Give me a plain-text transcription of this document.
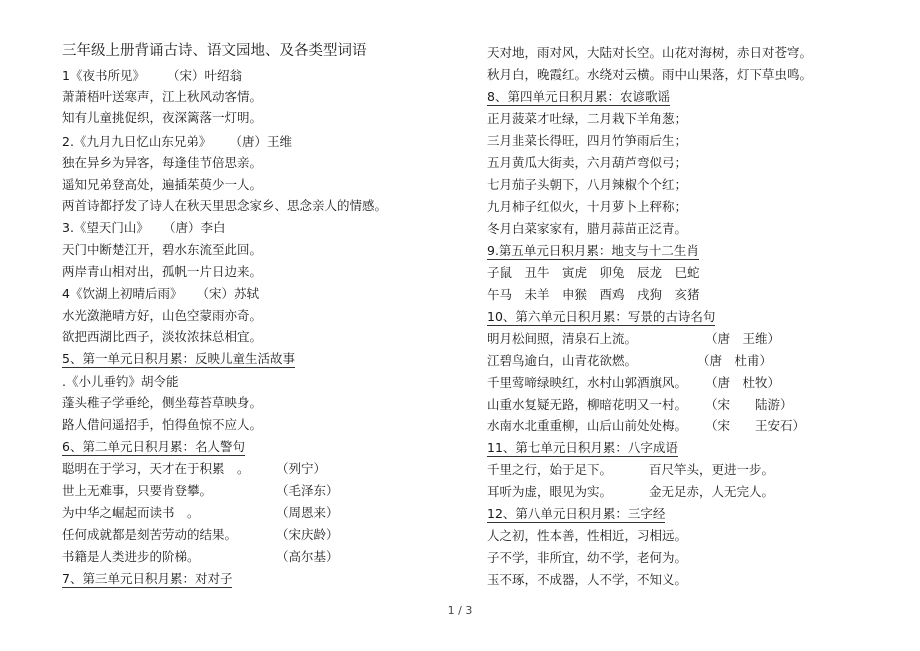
三年级上册背诵古诗、语文园地、及各类型词语
1《夜书所见》 （宋）叶绍翁
萧萧梧叶送寒声，江上秋风动客情。
知有儿童挑促织，夜深篱落一灯明。
2.《九月九日忆山东兄弟》 （唐）王维
独在异乡为异客，每逢佳节倍思亲。
遥知兄弟登高处，遍插茱萸少一人。
两首诗都抒发了诗人在秋天里思念家乡、思念亲人的情感。
3.《望天门山》 （唐）李白
天门中断楚江开，碧水东流至此回。
两岸青山相对出，孤帆一片日边来。
4《饮湖上初晴后雨》 （宋）苏轼
水光潋滟晴方好，山色空蒙雨亦奇。
欲把西湖比西子，淡妆浓抹总相宜。
5、第一单元日积月累：反映儿童生活故事
.《小儿垂钓》胡令能
蓬头稚子学垂纶，侧坐莓苔草映身。
路人借问遥招手，怕得鱼惊不应人。
6、第二单元日积月累：名人警句
聪明在于学习，天才在于积累　。 （列宁）
世上无难事，只要肯登攀。	（毛泽东）
为中华之崛起而读书　。	（周恩来）
任何成就都是刻苦劳动的结果。	（宋庆龄）
书籍是人类进步的阶梯。	（高尔基）
7、第三单元日积月累：对对子
天对地，雨对风，大陆对长空。山花对海树，赤日对苍穹。
秋月白，晚霞红。水绕对云横。雨中山果落，灯下草虫鸣。
8、第四单元日积月累：农谚歌谣
正月菠菜才吐绿，二月栽下羊角葱；
三月韭菜长得旺，四月竹笋雨后生；
五月黄瓜大街卖，六月葫芦弯似弓；
七月茄子头朝下，八月辣椒个个红；
九月柿子红似火，十月萝卜上秤称；
冬月白菜家家有，腊月蒜苗正泛青。
9.第五单元日积月累：地支与十二生肖
子鼠　丑牛　寅虎　卯兔　辰龙　巳蛇
午马　未羊　申猴　酉鸡　戌狗　亥猪
10、第六单元日积月累：写景的古诗名句
明月松间照，清泉石上流。	（唐　王维）
江碧鸟逾白，山青花欲燃。	（唐　杜甫）
千里莺啼绿映红，水村山郭酒旗风。 （唐　杜牧）
山重水复疑无路，柳暗花明又一村。 （宋　　陆游）
水南水北重重柳，山后山前处处梅。 （宋　　王安石）
11、第七单元日积月累：八字成语
千里之行，始于足下。	百尺竿头，更进一步。
耳听为虚，眼见为实。	金无足赤，人无完人。
12、第八单元日积月累：三字经
人之初，性本善，性相近，习相远。
子不学，非所宜，幼不学，老何为。
玉不琢，不成器，人不学，不知义。
1 / 3
